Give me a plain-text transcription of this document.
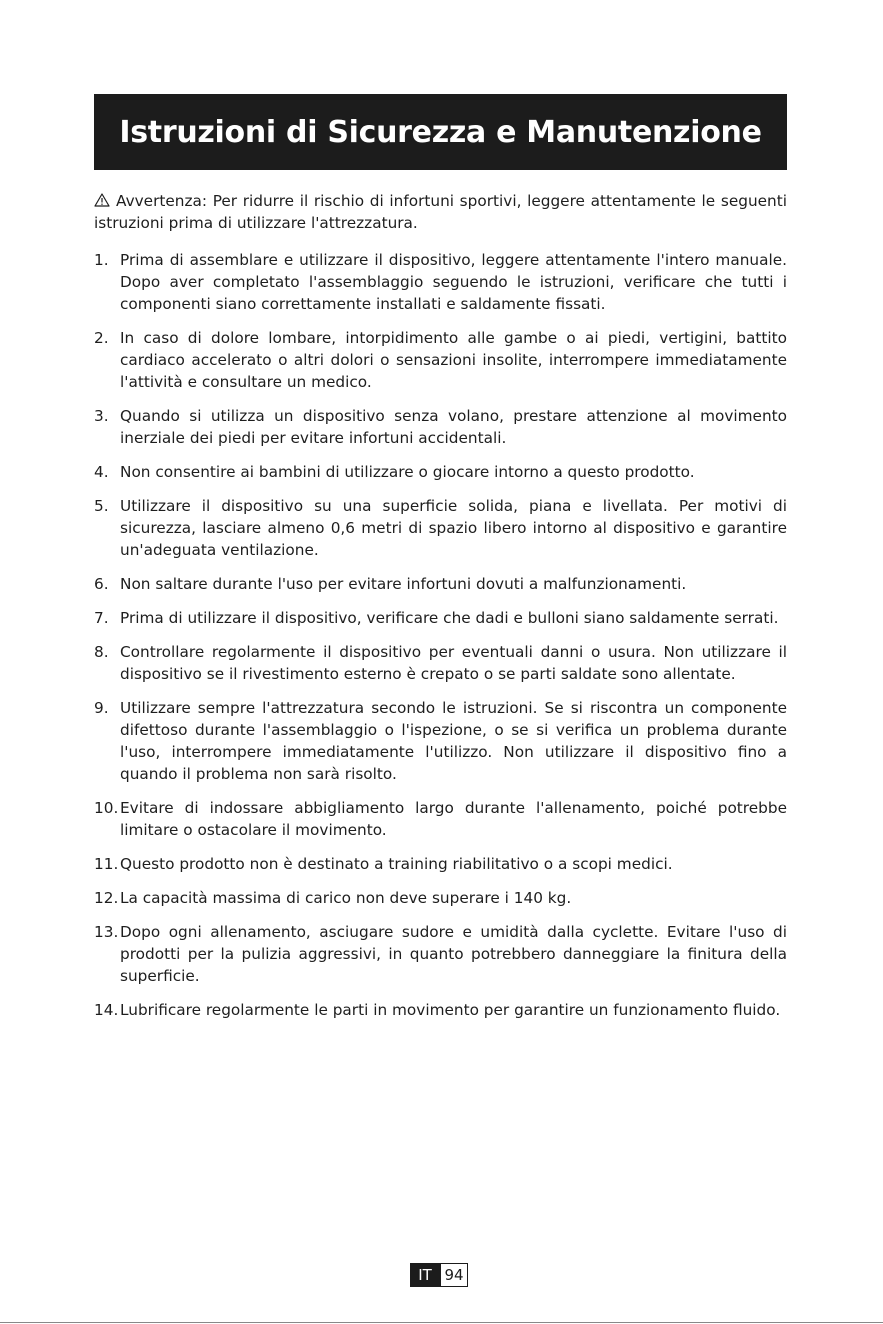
Istruzioni di Sicurezza e Manutenzione

Avvertenza: Per ridurre il rischio di infortuni sportivi, leggere attentamente le seguenti istruzioni prima di utilizzare l'attrezzatura.

1. Prima di assemblare e utilizzare il dispositivo, leggere attentamente l'intero manuale. Dopo aver completato l'assemblaggio seguendo le istruzioni, verificare che tutti i componenti siano correttamente installati e saldamente fissati.
2. In caso di dolore lombare, intorpidimento alle gambe o ai piedi, vertigini, battito cardiaco accelerato o altri dolori o sensazioni insolite, interrompere immediatamente l'attività e consultare un medico.
3. Quando si utilizza un dispositivo senza volano, prestare attenzione al movimento inerziale dei piedi per evitare infortuni accidentali.
4. Non consentire ai bambini di utilizzare o giocare intorno a questo prodotto.
5. Utilizzare il dispositivo su una superficie solida, piana e livellata. Per motivi di sicurezza, lasciare almeno 0,6 metri di spazio libero intorno al dispositivo e garantire un'adeguata ventilazione.
6. Non saltare durante l'uso per evitare infortuni dovuti a malfunzionamenti.
7. Prima di utilizzare il dispositivo, verificare che dadi e bulloni siano saldamente serrati.
8. Controllare regolarmente il dispositivo per eventuali danni o usura. Non utilizzare il dispositivo se il rivestimento esterno è crepato o se parti saldate sono allentate.
9. Utilizzare sempre l'attrezzatura secondo le istruzioni. Se si riscontra un componente difettoso durante l'assemblaggio o l'ispezione, o se si verifica un problema durante l'uso, interrompere immediatamente l'utilizzo. Non utilizzare il dispositivo fino a quando il problema non sarà risolto.
10. Evitare di indossare abbigliamento largo durante l'allenamento, poiché potrebbe limitare o ostacolare il movimento.
11. Questo prodotto non è destinato a training riabilitativo o a scopi medici.
12. La capacità massima di carico non deve superare i 140 kg.
13. Dopo ogni allenamento, asciugare sudore e umidità dalla cyclette. Evitare l'uso di prodotti per la pulizia aggressivi, in quanto potrebbero danneggiare la finitura della superficie.
14. Lubrificare regolarmente le parti in movimento per garantire un funzionamento fluido.
IT 94
